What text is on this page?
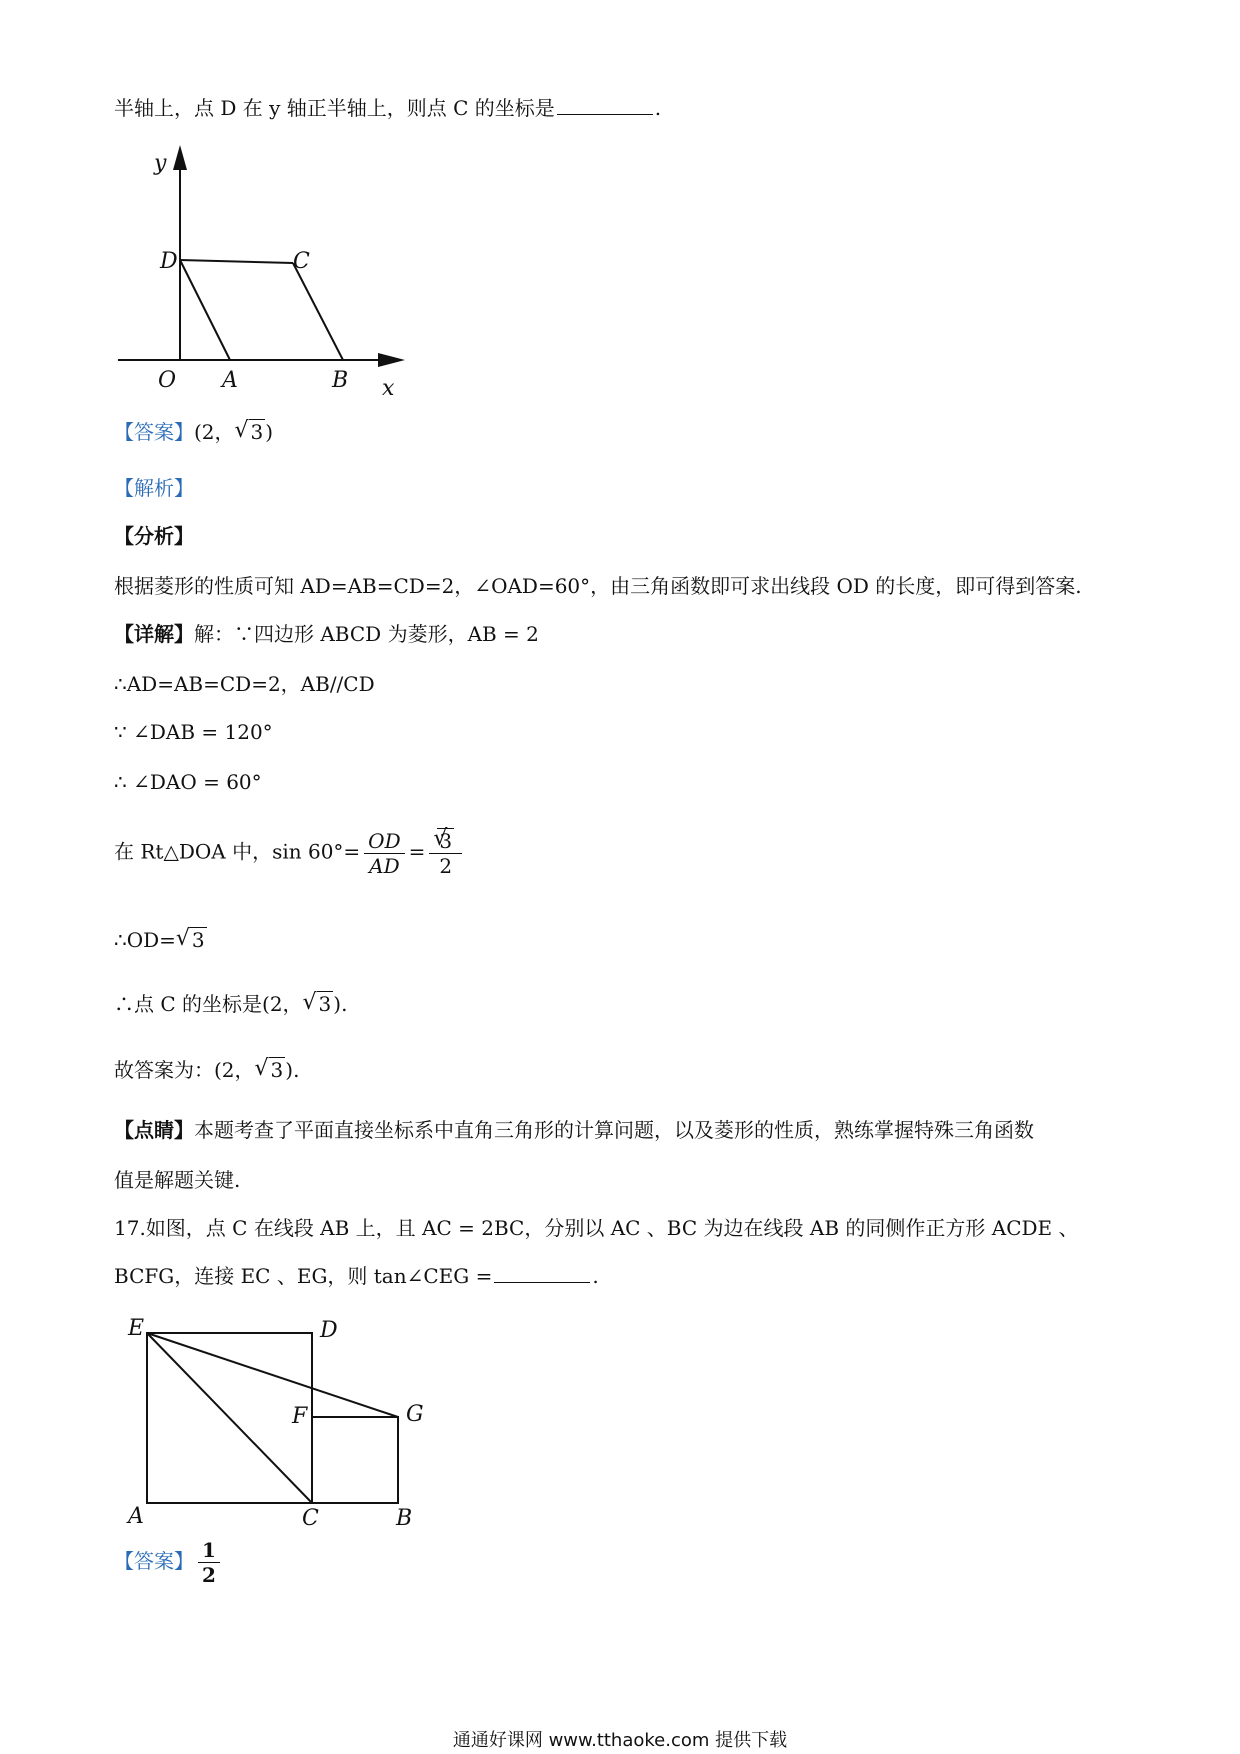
半轴上，点 D 在 y 轴正半轴上，则点 C 的坐标是	.
y
x
D	C
O A	B
【答案】(2， √ 3 )
【解析】
【分析】
根据菱形的性质可知 AD=AB=CD=2，∠OAD=60°，由三角函数即可求出线段 OD 的长度，即可得到答案.
【详解】解：∵四边形 ABCD 为菱形，AB = 2
∴AD=AB=CD=2，AB//CD
∵ ∠DAB = 120°
∴ ∠DAO = 60°
在 Rt△DOA 中，$\sin 60^\circ= \frac{OD}{AD}$ = √ $\frac{3}{2}$
∴OD= √ 3
∴点 C 的坐标是(2， √ 3 ).
故答案为：(2， √ 3 ).
【点睛】本题考查了平面直接坐标系中直角三角形的计算问题，以及菱形的性质，熟练掌握特殊三角函数
值是解题关键.
17.如图，点 C 在线段 AB 上，且 AC = 2BC，分别以 AC 、BC 为边在线段 AB 的同侧作正方形 ACDE 、
BCFG，连接 EC 、EG，则 tan∠CEG =	.
E	D
F	G
A	C	B
【答案】 $\frac{1}{2}$
通通好课网 www.tthaoke.com 提供下载
